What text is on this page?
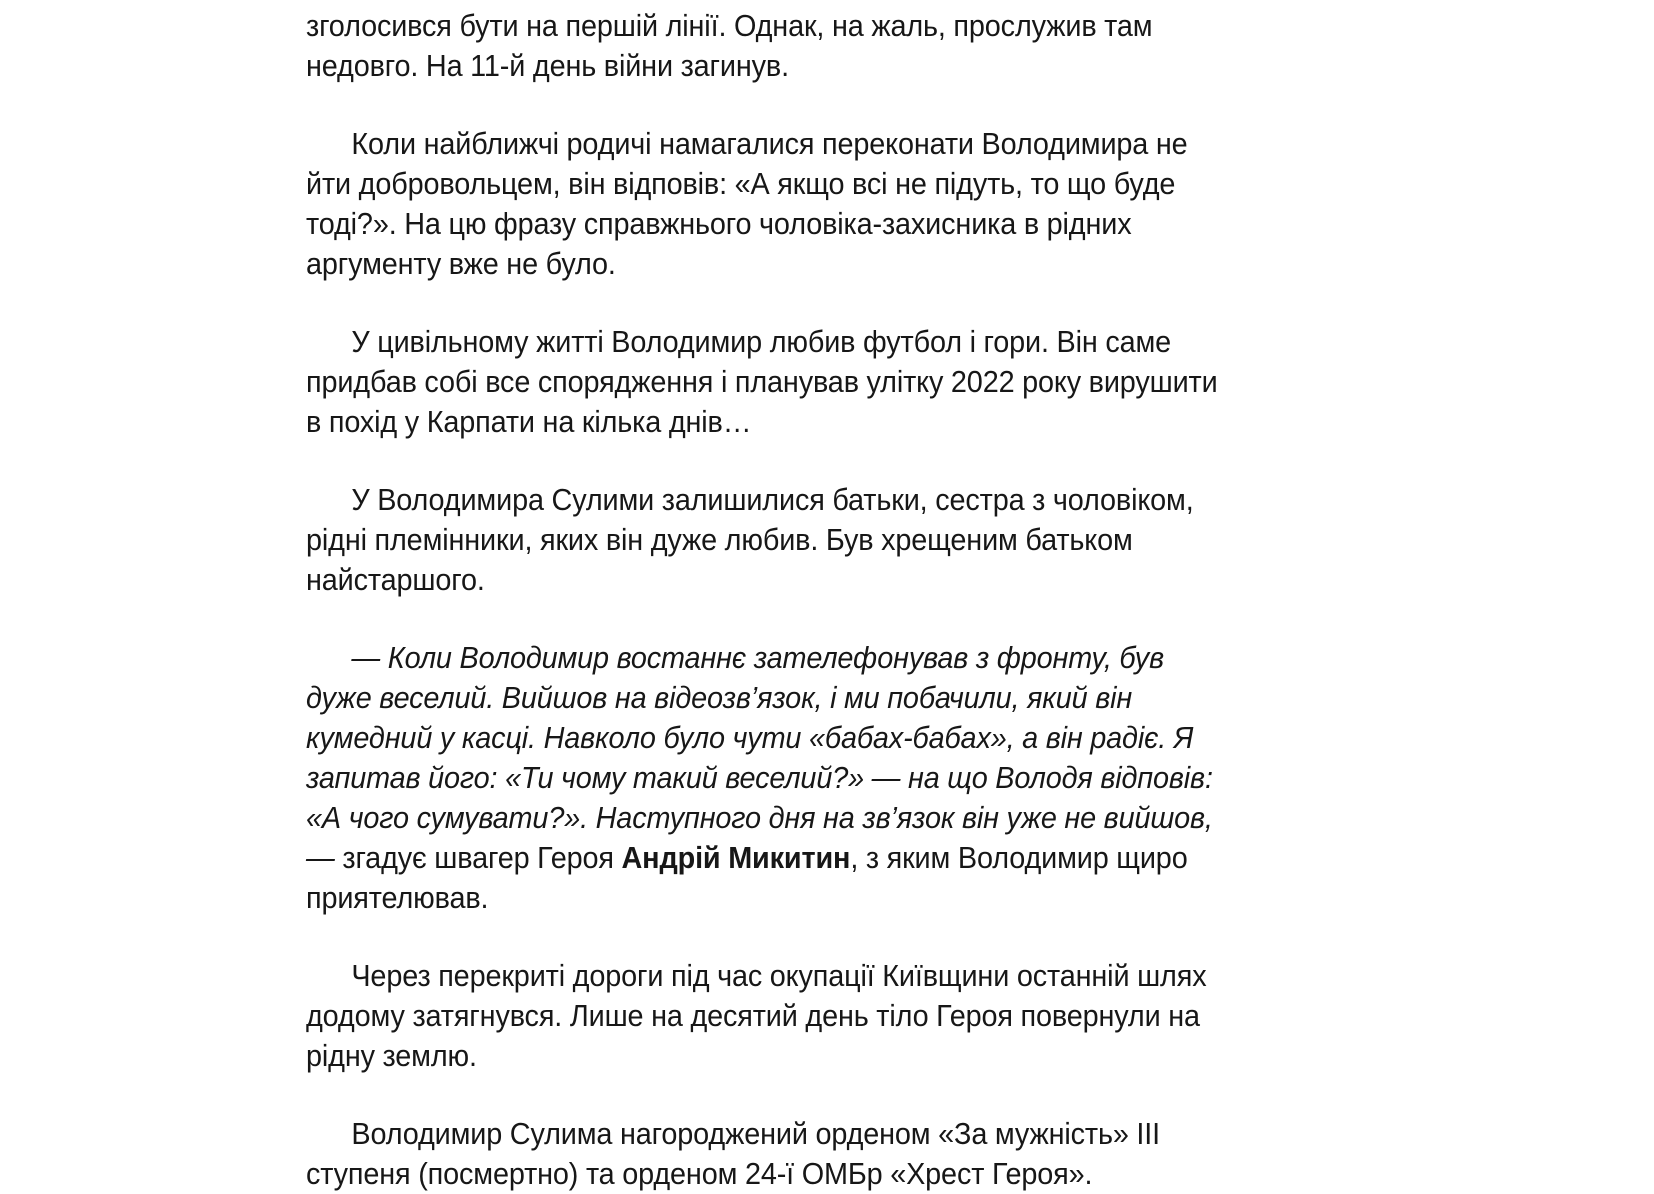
зголосився бути на першій лінії. Однак, на жаль, прослужив там недовго. На 11-й день війни загинув.

Коли найближчі родичі намагалися переконати Володимира не йти добровольцем, він відповів: «А якщо всі не підуть, то що буде тоді?». На цю фразу справжнього чоловіка-захисника в рідних аргументу вже не було.

У цивільному житті Володимир любив футбол і гори. Він саме придбав собі все спорядження і планував улітку 2022 року вирушити в похід у Карпати на кілька днів…

У Володимира Сулими залишилися батьки, сестра з чоловіком, рідні племінники, яких він дуже любив. Був хрещеним батьком найстаршого.

— Коли Володимир востаннє зателефонував з фронту, був дуже веселий. Вийшов на відеозв’язок, і ми побачили, який він кумедний у касці. Навколо було чути «бабах-бабах», а він радіє. Я запитав його: «Ти чому такий веселий?» — на що Володя відповів: «А чого сумувати?». Наступного дня на зв’язок він уже не вийшов, — згадує швагер Героя Андрій Микитин, з яким Володимир щиро приятелював.

Через перекриті дороги під час окупації Київщини останній шлях додому затягнувся. Лише на десятий день тіло Героя повернули на рідну землю.

Володимир Сулима нагороджений орденом «За мужність» III ступеня (посмертно) та орденом 24-ї ОМБр «Хрест Героя».
